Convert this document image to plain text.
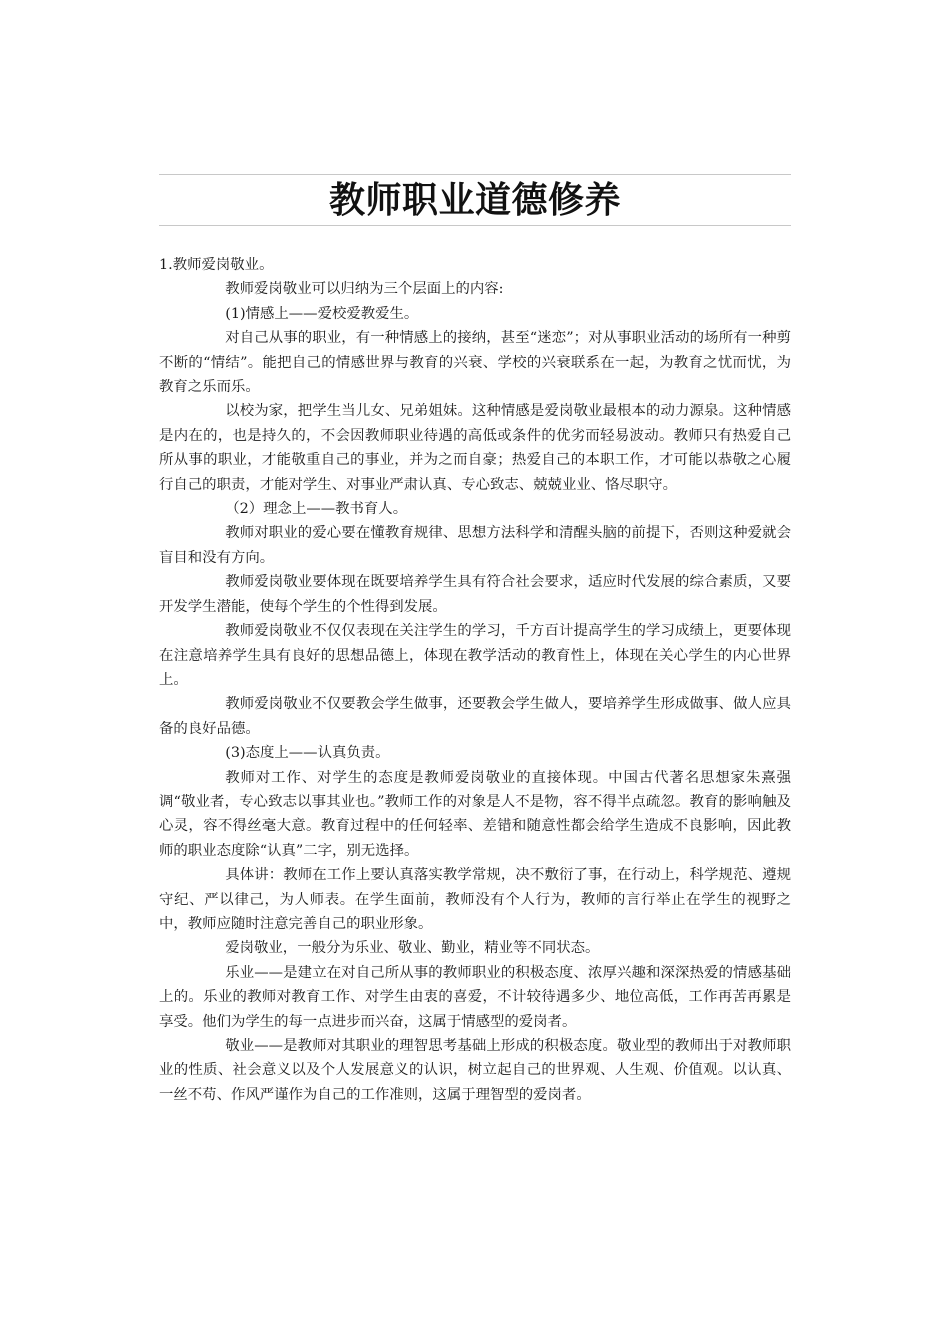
教师职业道德修养

1.教师爱岗敬业。

教师爱岗敬业可以归纳为三个层面上的内容:

(1)情感上——爱校爱教爱生。

对自己从事的职业，有一种情感上的接纳，甚至“迷恋”；对从事职业活动的场所有一种剪不断的“情结”。能把自己的情感世界与教育的兴衰、学校的兴衰联系在一起，为教育之忧而忧，为教育之乐而乐。

以校为家，把学生当儿女、兄弟姐妹。这种情感是爱岗敬业最根本的动力源泉。这种情感是内在的，也是持久的，不会因教师职业待遇的高低或条件的优劣而轻易波动。教师只有热爱自己所从事的职业，才能敬重自己的事业，并为之而自豪；热爱自己的本职工作，才可能以恭敬之心履行自己的职责，才能对学生、对事业严肃认真、专心致志、兢兢业业、恪尽职守。

（2）理念上——教书育人。

教师对职业的爱心要在懂教育规律、思想方法科学和清醒头脑的前提下，否则这种爱就会盲目和没有方向。

教师爱岗敬业要体现在既要培养学生具有符合社会要求，适应时代发展的综合素质，又要开发学生潜能，使每个学生的个性得到发展。

教师爱岗敬业不仅仅表现在关注学生的学习，千方百计提高学生的学习成绩上，更要体现在注意培养学生具有良好的思想品德上，体现在教学活动的教育性上，体现在关心学生的内心世界上。

教师爱岗敬业不仅要教会学生做事，还要教会学生做人，要培养学生形成做事、做人应具备的良好品德。

(3)态度上——认真负责。

教师对工作、对学生的态度是教师爱岗敬业的直接体现。中国古代著名思想家朱熹强调“敬业者，专心致志以事其业也。”教师工作的对象是人不是物，容不得半点疏忽。教育的影响触及心灵，容不得丝毫大意。教育过程中的任何轻率、差错和随意性都会给学生造成不良影响，因此教师的职业态度除“认真”二字，别无选择。

具体讲：教师在工作上要认真落实教学常规，决不敷衍了事，在行动上，科学规范、遵规守纪、严以律己，为人师表。在学生面前，教师没有个人行为，教师的言行举止在学生的视野之中，教师应随时注意完善自己的职业形象。

爱岗敬业，一般分为乐业、敬业、勤业，精业等不同状态。

乐业——是建立在对自己所从事的教师职业的积极态度、浓厚兴趣和深深热爱的情感基础上的。乐业的教师对教育工作、对学生由衷的喜爱，不计较待遇多少、地位高低，工作再苦再累是享受。他们为学生的每一点进步而兴奋，这属于情感型的爱岗者。

敬业——是教师对其职业的理智思考基础上形成的积极态度。敬业型的教师出于对教师职业的性质、社会意义以及个人发展意义的认识，树立起自己的世界观、人生观、价值观。以认真、一丝不苟、作风严谨作为自己的工作准则，这属于理智型的爱岗者。
